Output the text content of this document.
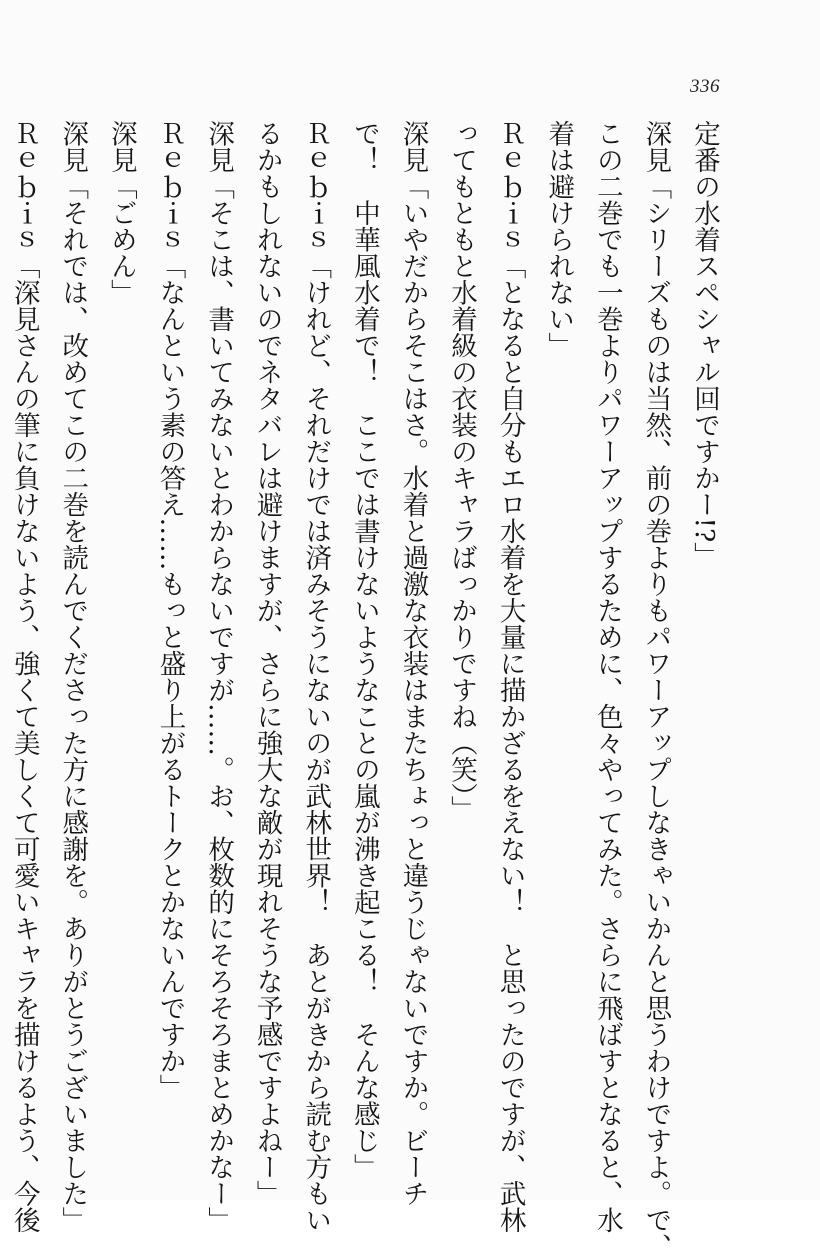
336
定番の水着スペシャル回ですかー!?」
深見「シリーズものは当然、前の巻よりもパワーアップしなきゃいかんと思うわけですよ。で、
この二巻でも一巻よりパワーアップするために、色々やってみた。さらに飛ばすとなると、水
着は避けられない」
Ｒｅｂｉｓ「となると自分もエロ水着を大量に描かざるをえない！　と思ったのですが、武林
ってもともと水着級の衣装のキャラばっかりですね（笑）」
深見「いやだからそこはさ。水着と過激な衣装はまたちょっと違うじゃないですか。ビーチ
で！　中華風水着で！　ここでは書けないようなことの嵐が沸き起こる！　そんな感じ」
Ｒｅｂｉｓ「けれど、それだけでは済みそうにないのが武林世界！　あとがきから読む方もい
るかもしれないのでネタバレは避けますが、さらに強大な敵が現れそうな予感ですよねー」
深見「そこは、書いてみないとわからないですが……。お、枚数的にそろそろまとめかなー」
Ｒｅｂｉｓ「なんという素の答え……もっと盛り上がるトークとかないんですか」
深見「ごめん」
深見「それでは、改めてこの二巻を読んでくださった方に感謝を。ありがとうございました」
Ｒｅｂｉｓ「深見さんの筆に負けないよう、強くて美しくて可愛いキャラを描けるよう、今後
